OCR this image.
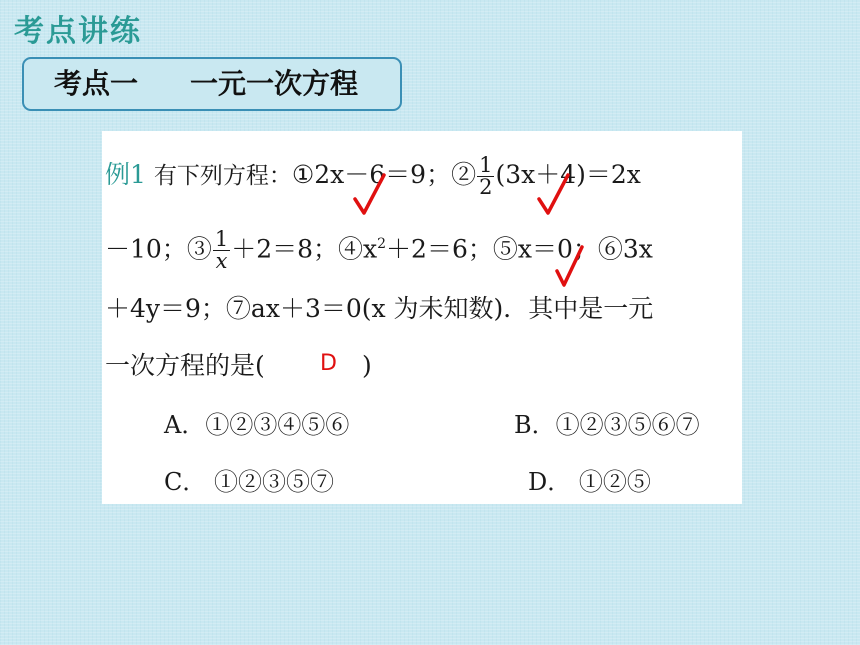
考点讲练
考点一 一元一次方程
例1 有下列方程：①2x－6＝9；② $\frac{1}{2} (3x+4)=2x$
－10；③ $\frac{1}{x} +2=8$；$④x^2+2=6$；⑤x＝0；⑥3x
＋4y＝9；⑦ax＋3＝0(x 为未知数)．其中是一元
一次方程的是(	)
D
A．①②③④⑤⑥	B．①②③⑤⑥⑦
C． ①②③⑤⑦	D． ①②⑤
